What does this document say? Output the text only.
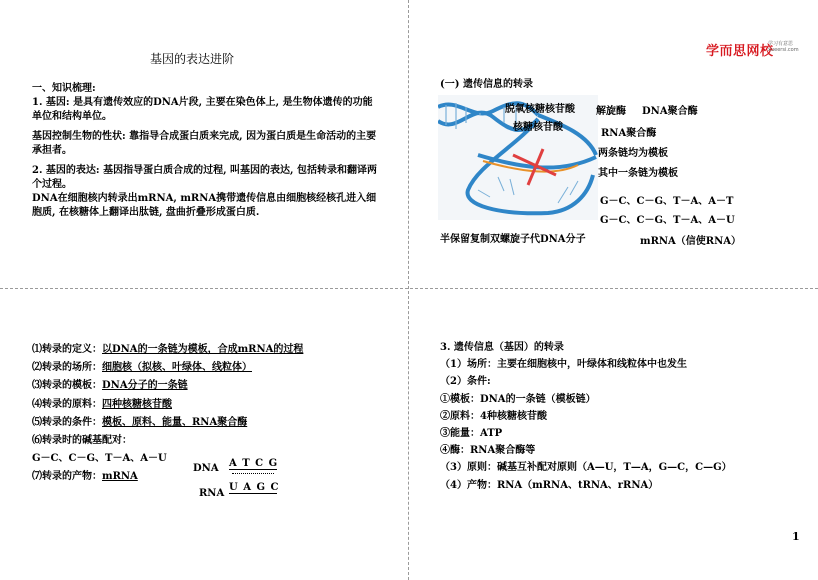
基因的表达进阶

一、知识梳理:

1. 基因: 是具有遗传效应的DNA片段, 主要在染色体上, 是生物体遗传的功能单位和结构单位。

基因控制生物的性状: 靠指导合成蛋白质来完成, 因为蛋白质是生命活动的主要承担者。

2. 基因的表达: 基因指导蛋白质合成的过程, 叫基因的表达, 包括转录和翻译两个过程。

DNA在细胞核内转录出mRNA, mRNA携带遗传信息由细胞核经核孔进入细胞质, 在核糖体上翻译出肽链, 盘曲折叠形成蛋白质.

学而思网校
学习有意思 xueersi.com
(一) 遗传信息的转录
脱氧核糖核苷酸
核糖核苷酸
解旋酶 DNA聚合酶
RNA聚合酶
两条链均为模板
其中一条链为模板
G－C、C－G、T－A、A－T
G－C、C－G、T－A、A－U
半保留复制双螺旋子代DNA分子	mRNA（信使RNA）
⑴转录的定义：以DNA的一条链为模板，合成mRNA的过程
⑵转录的场所：细胞核（拟核、叶绿体、线粒体）
⑶转录的模板：DNA分子的一条链
⑷转录的原料：四种核糖核苷酸
⑸转录的条件：模板、原料、能量、RNA聚合酶
⑹转录时的碱基配对：
G－C、C－G、T－A、A－U
⑺转录的产物：mRNA
DNA
RNA
A T C G
U A G C
3. 遗传信息（基因）的转录
（1）场所：主要在细胞核中，叶绿体和线粒体中也发生
（2）条件:
①模板：DNA的一条链（模板链）
②原料：4种核糖核苷酸
③能量：ATP
④酶：RNA聚合酶等
（3）原则：碱基互补配对原则（A—U，T—A，G—C，C—G）
（4）产物：RNA（mRNA、tRNA、rRNA）
1
